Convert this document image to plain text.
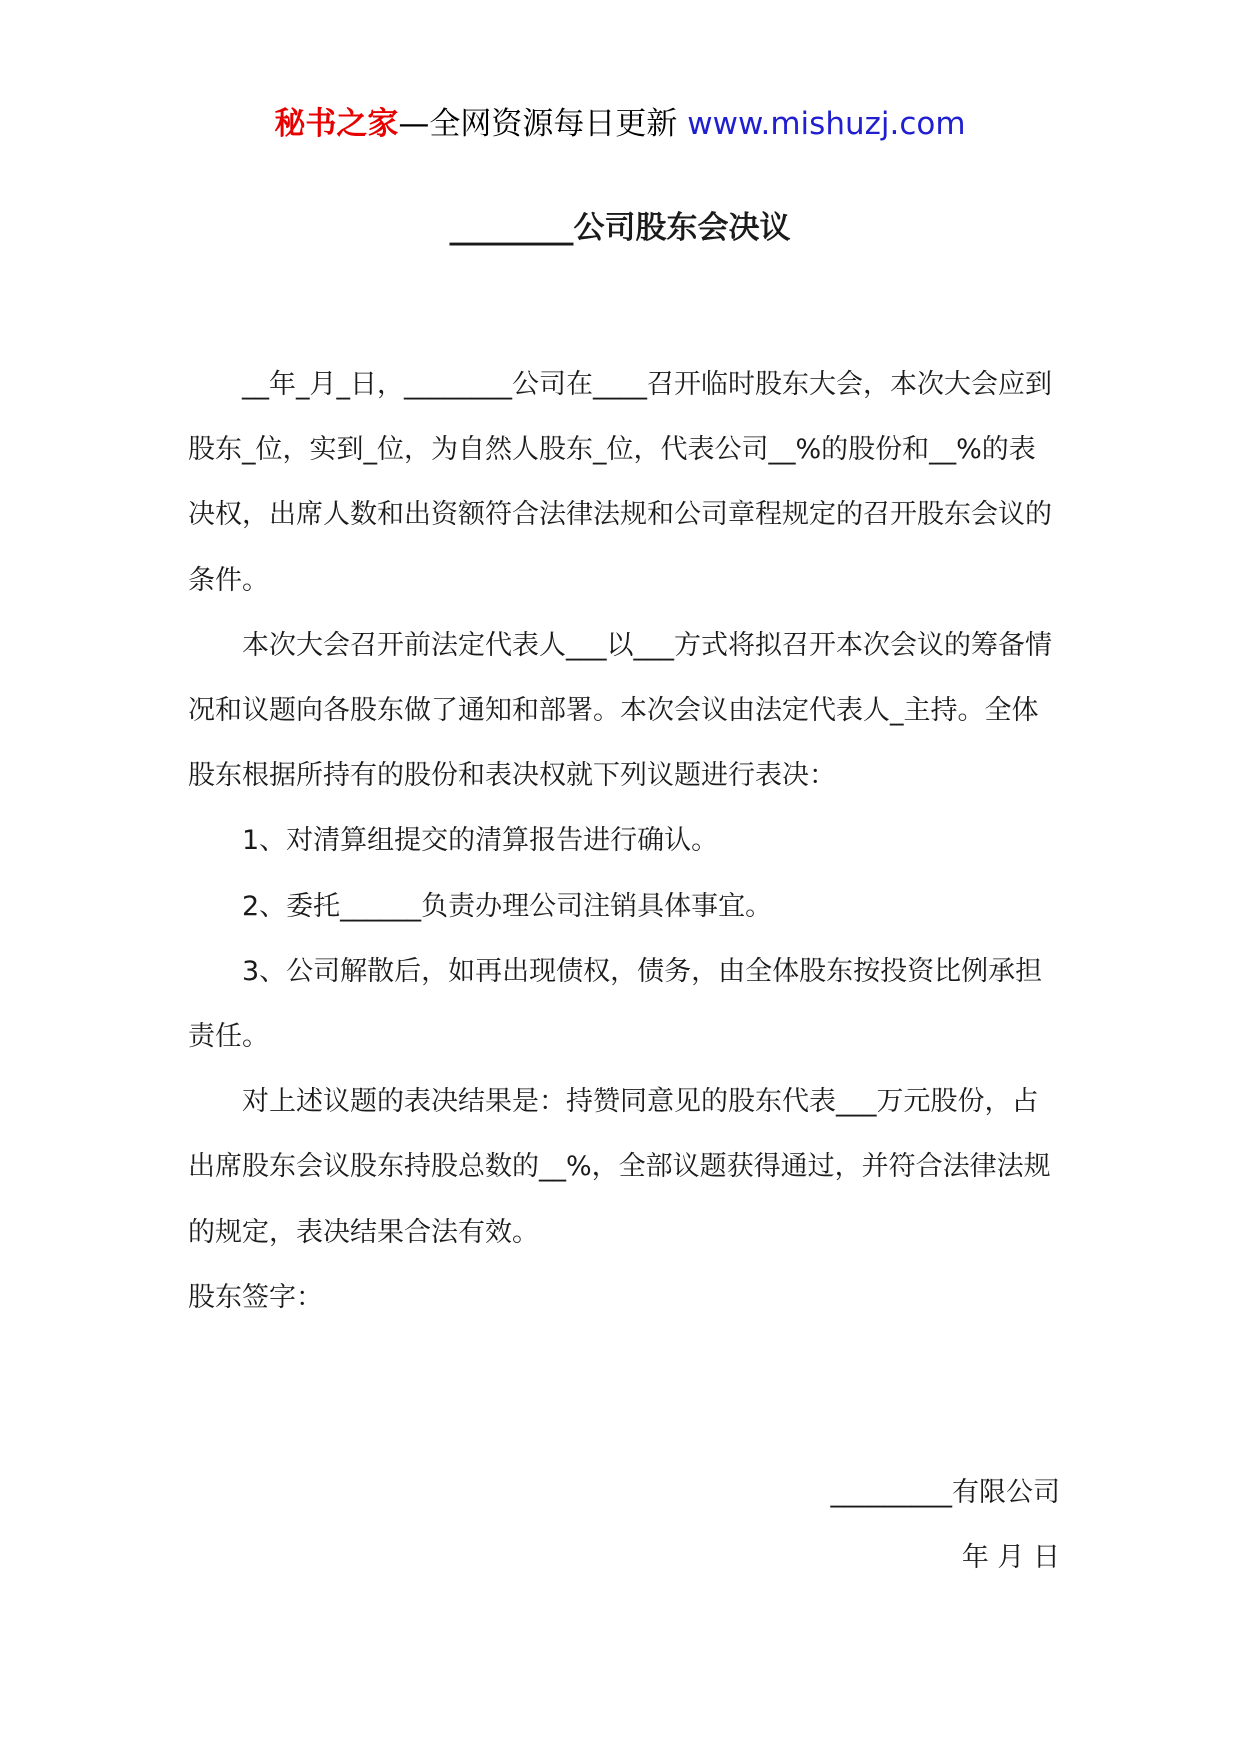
秘书之家—全网资源每日更新 www.mishuzj.com
________公司股东会决议

__年_月_日，________公司在____召开临时股东大会，本次大会应到股东_位，实到_位，为自然人股东_位，代表公司__%的股份和__%的表决权，出席人数和出资额符合法律法规和公司章程规定的召开股东会议的条件。

本次大会召开前法定代表人___以___方式将拟召开本次会议的筹备情况和议题向各股东做了通知和部署。本次会议由法定代表人_主持。全体股东根据所持有的股份和表决权就下列议题进行表决：

1、对清算组提交的清算报告进行确认。

2、委托______负责办理公司注销具体事宜。

3、公司解散后，如再出现债权，债务，由全体股东按投资比例承担责任。

对上述议题的表决结果是：持赞同意见的股东代表___万元股份，占出席股东会议股东持股总数的__%，全部议题获得通过，并符合法律法规的规定，表决结果合法有效。

股东签字：

_________有限公司

年 月 日
